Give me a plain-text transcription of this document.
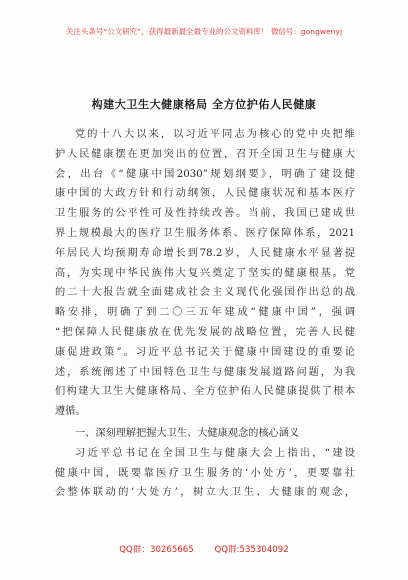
关注头条号“公文研究”，获得最新最全最专业的公文资料库！ 微信号：gongwenyj
构建大卫生大健康格局 全方位护佑人民健康
党的十八大以来，以习近平同志为核心的党中央把维
护人民健康摆在更加突出的位置，召开全国卫生与健康大
会，出台《“健康中国2030”规划纲要》，明确了建设健
康中国的大政方针和行动纲领，人民健康状况和基本医疗
卫生服务的公平性可及性持续改善。当前，我国已建成世
界上规模最大的医疗卫生服务体系、医疗保障体系，2021
年居民人均预期寿命增长到78.2岁，人民健康水平显著提
高，为实现中华民族伟大复兴奠定了坚实的健康根基。党
的二十大报告就全面建成社会主义现代化强国作出总的战
略安排，明确了到二〇三五年建成“健康中国”，强调
“把保障人民健康放在优先发展的战略位置，完善人民健
康促进政策”。习近平总书记关于健康中国建设的重要论
述，系统阐述了中国特色卫生与健康发展道路问题，为我
们构建大卫生大健康格局、全方位护佑人民健康提供了根本
遵循。
一、深刻理解把握大卫生、大健康观念的核心涵义
习近平总书记在全国卫生与健康大会上指出，“建设
健康中国，既要靠医疗卫生服务的‘小处方’，更要靠社
会整体联动的‘大处方’，树立大卫生、大健康的观念，
QQ群：30265665 QQ群:535304092
